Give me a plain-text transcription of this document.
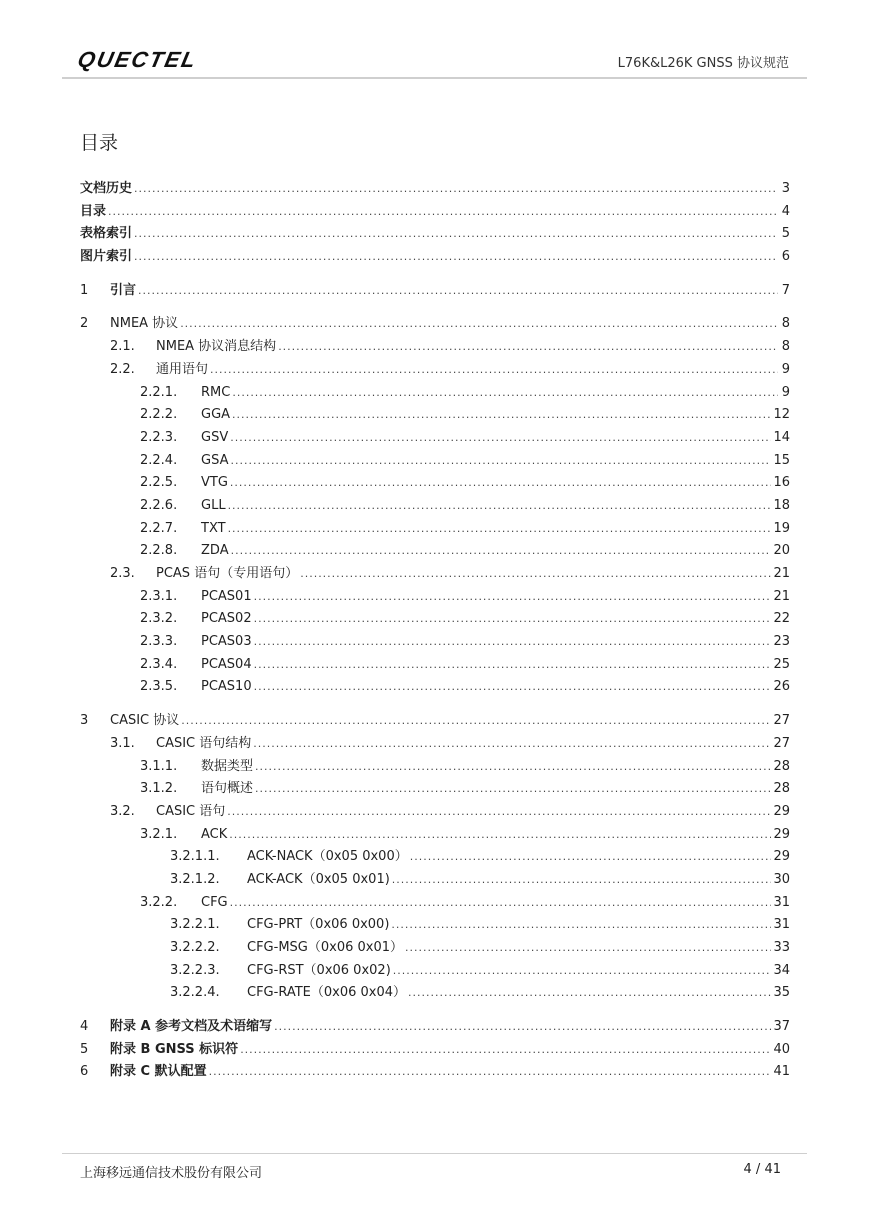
QUECTEL	L76K&L26K GNSS 协议规范
目录
文档历史 .....	3
目录 .....	4
表格索引 .....	5
图片索引 .....	6
1	引言 .....	7
2	NMEA 协议 .....	8
2.1.	NMEA 协议消息结构 .....	8
2.2.	通用语句 .....	9
2.2.1.	RMC .....	9
2.2.2.	GGA .....	12
2.2.3.	GSV .....	14
2.2.4.	GSA .....	15
2.2.5.	VTG .....	16
2.2.6.	GLL .....	18
2.2.7.	TXT .....	19
2.2.8.	ZDA .....	20
2.3.	PCAS 语句（专用语句） .....	21
2.3.1.	PCAS01 .....	21
2.3.2.	PCAS02 .....	22
2.3.3.	PCAS03 .....	23
2.3.4.	PCAS04 .....	25
2.3.5.	PCAS10 .....	26
3	CASIC 协议 .....	27
3.1.	CASIC 语句结构 .....	27
3.1.1.	数据类型 .....	28
3.1.2.	语句概述 .....	28
3.2.	CASIC 语句 .....	29
3.2.1.	ACK .....	29
3.2.1.1.	ACK-NACK（0x05 0x00） .....	29
3.2.1.2.	ACK-ACK（0x05 0x01) .....	30
3.2.2.	CFG .....	31
3.2.2.1.	CFG-PRT（0x06 0x00) .....	31
3.2.2.2.	CFG-MSG（0x06 0x01） .....	33
3.2.2.3.	CFG-RST（0x06 0x02) .....	34
3.2.2.4.	CFG-RATE（0x06 0x04） .....	35
4	附录 A 参考文档及术语缩写 .....	37
5	附录 B GNSS 标识符 .....	40
6	附录 C 默认配置 .....	41
上海移远通信技术股份有限公司	4 / 41
